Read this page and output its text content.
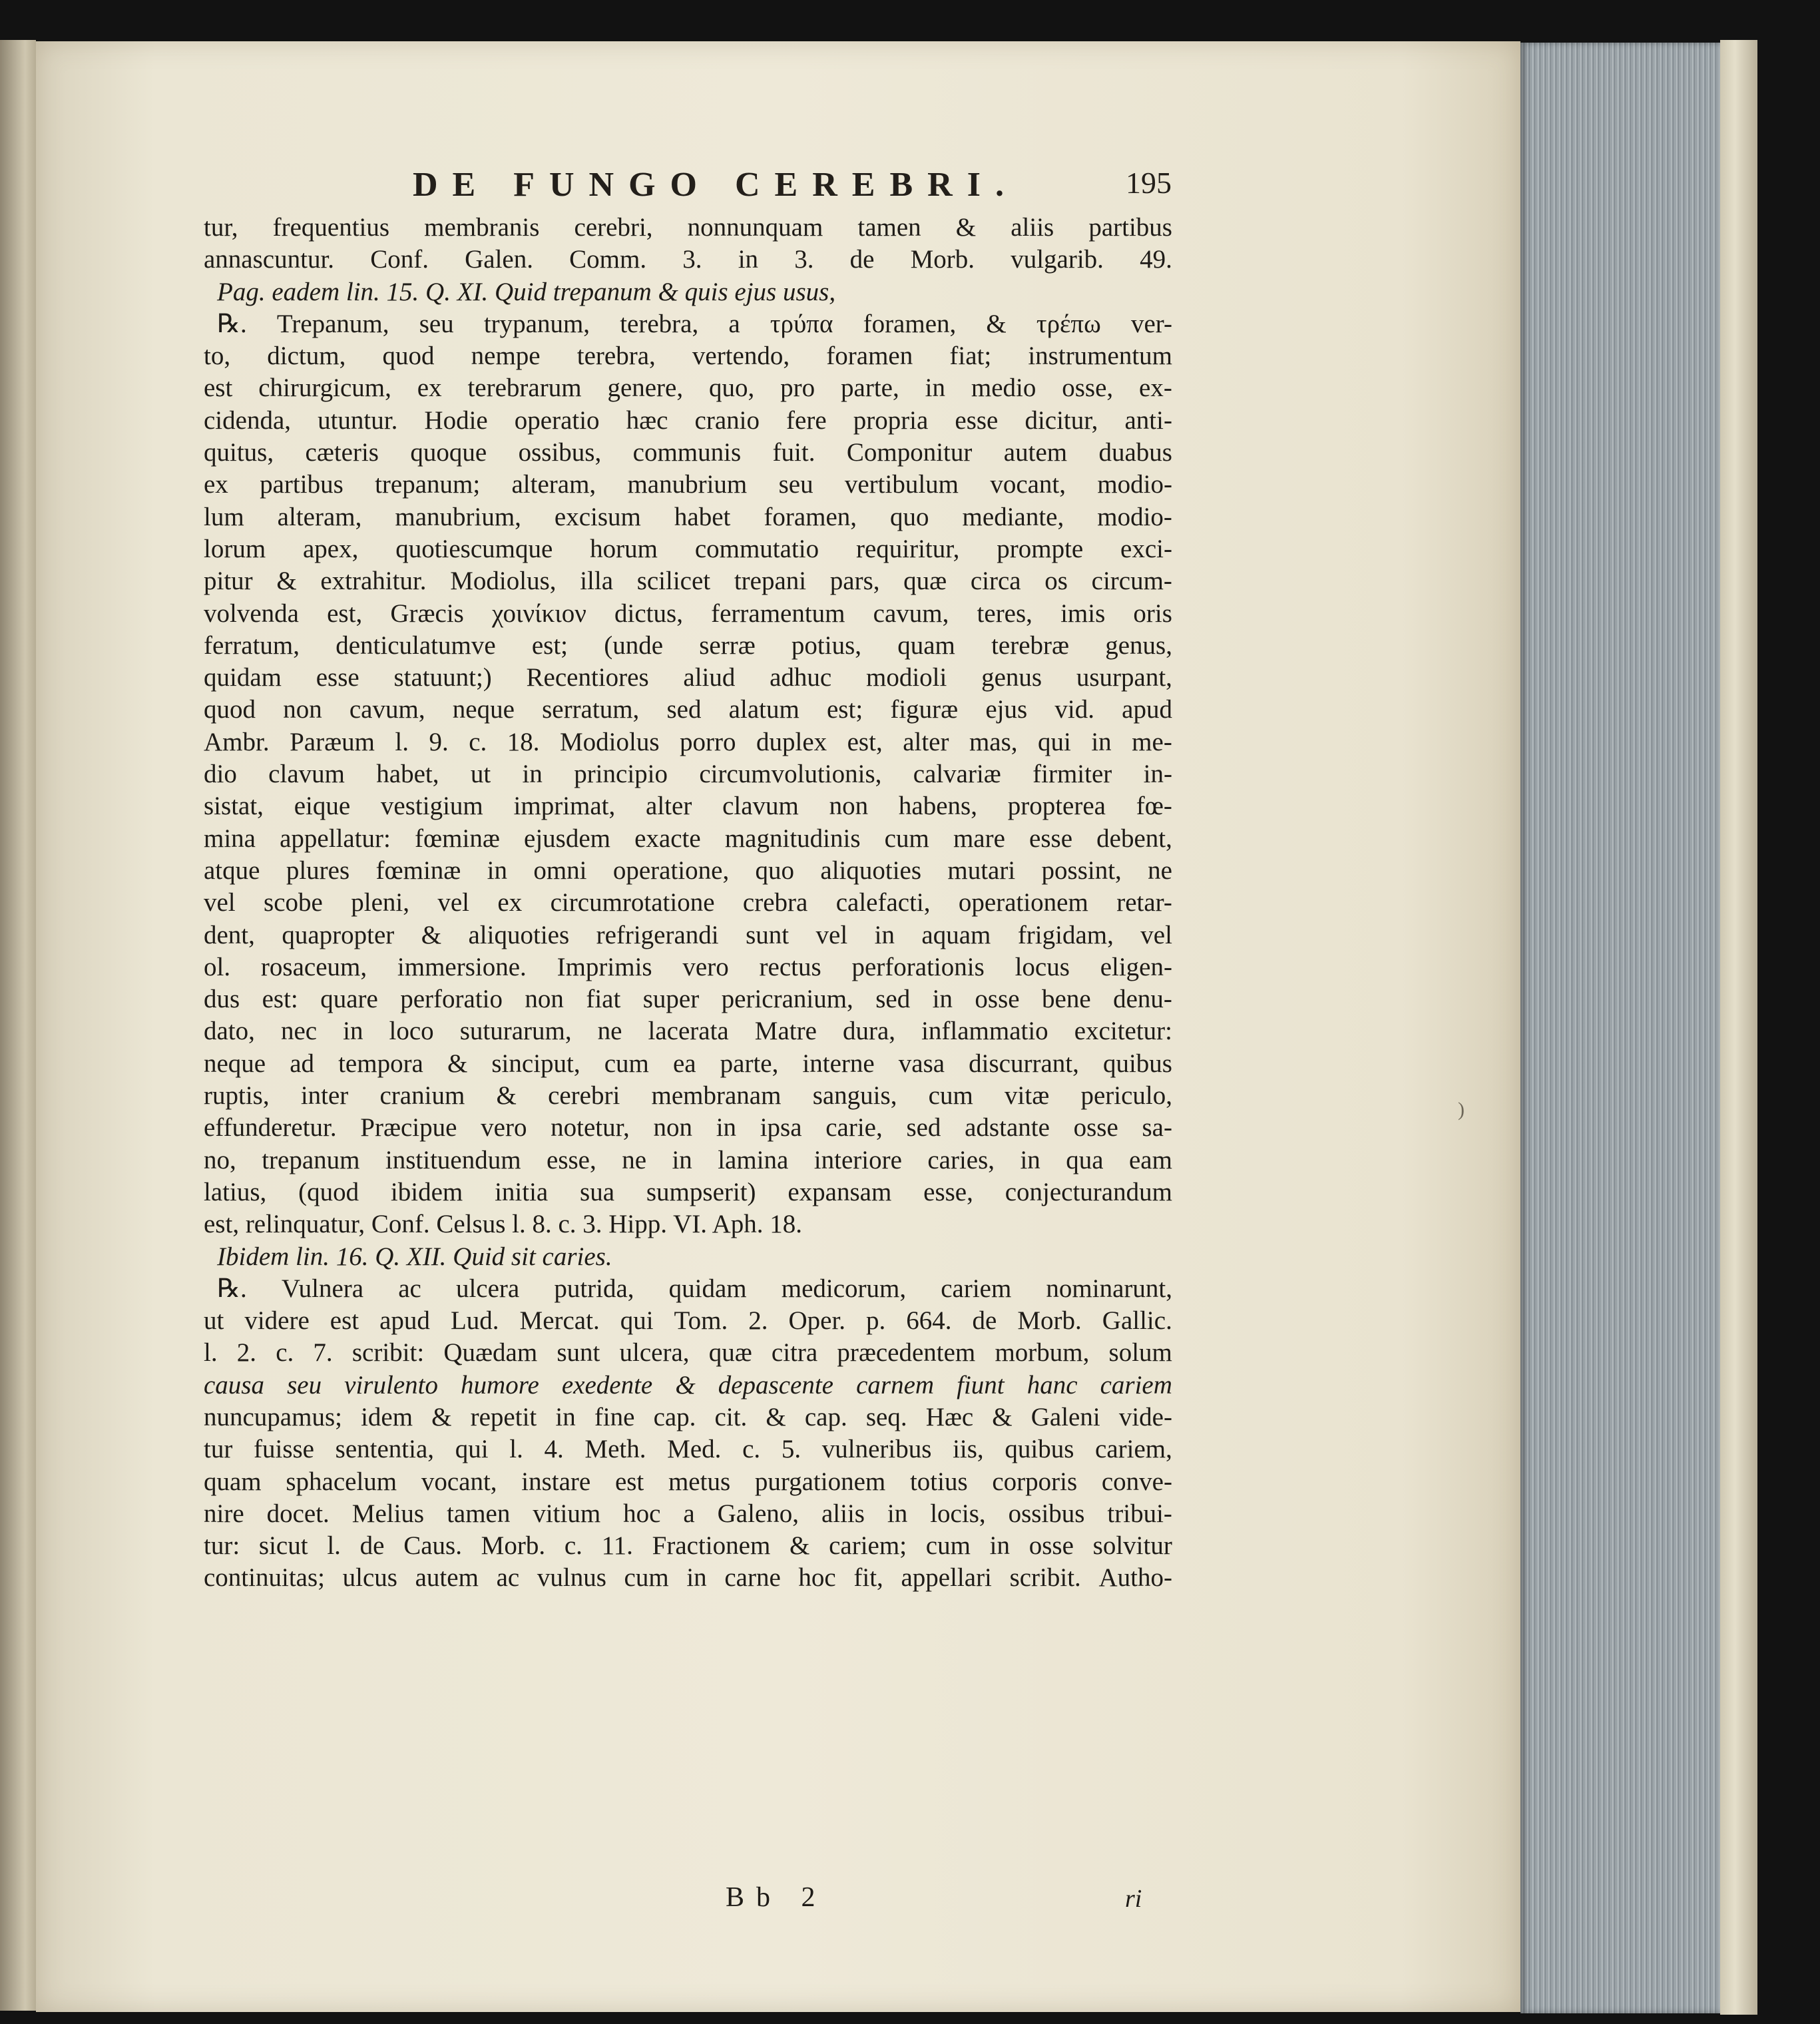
DE FUNGO CEREBRI.	195
tur, frequentius membranis cerebri, nonnunquam tamen & aliis partibus
annascuntur. Conf. Galen. Comm. 3. in 3. de Morb. vulgarib. 49.
Pag. eadem lin. 15. Q. XI. Quid trepanum & quis ejus usus,
℞. Trepanum, seu trypanum, terebra, a τρύπα foramen, & τρέπω ver-
to, dictum, quod nempe terebra, vertendo, foramen fiat; instrumentum
est chirurgicum, ex terebrarum genere, quo, pro parte, in medio osse, ex-
cidenda, utuntur. Hodie operatio hæc cranio fere propria esse dicitur, anti-
quitus, cæteris quoque ossibus, communis fuit. Componitur autem duabus
ex partibus trepanum; alteram, manubrium seu vertibulum vocant, modio-
lum alteram, manubrium, excisum habet foramen, quo mediante, modio-
lorum apex, quotiescumque horum commutatio requiritur, prompte exci-
pitur & extrahitur. Modiolus, illa scilicet trepani pars, quæ circa os circum-
volvenda est, Græcis χοινίκιον dictus, ferramentum cavum, teres, imis oris
ferratum, denticulatumve est; (unde serræ potius, quam terebræ genus,
quidam esse statuunt;) Recentiores aliud adhuc modioli genus usurpant,
quod non cavum, neque serratum, sed alatum est; figuræ ejus vid. apud
Ambr. Paræum l. 9. c. 18. Modiolus porro duplex est, alter mas, qui in me-
dio clavum habet, ut in principio circumvolutionis, calvariæ firmiter in-
sistat, eique vestigium imprimat, alter clavum non habens, propterea fœ-
mina appellatur: fœminæ ejusdem exacte magnitudinis cum mare esse debent,
atque plures fœminæ in omni operatione, quo aliquoties mutari possint, ne
vel scobe pleni, vel ex circumrotatione crebra calefacti, operationem retar-
dent, quapropter & aliquoties refrigerandi sunt vel in aquam frigidam, vel
ol. rosaceum, immersione. Imprimis vero rectus perforationis locus eligen-
dus est: quare perforatio non fiat super pericranium, sed in osse bene denu-
dato, nec in loco suturarum, ne lacerata Matre dura, inflammatio excitetur:
neque ad tempora & sinciput, cum ea parte, interne vasa discurrant, quibus
ruptis, inter cranium & cerebri membranam sanguis, cum vitæ periculo,
effunderetur. Præcipue vero notetur, non in ipsa carie, sed adstante osse sa-
no, trepanum instituendum esse, ne in lamina interiore caries, in qua eam
latius, (quod ibidem initia sua sumpserit) expansam esse, conjecturandum
est, relinquatur, Conf. Celsus l. 8. c. 3. Hipp. VI. Aph. 18.
Ibidem lin. 16. Q. XII. Quid sit caries.
℞. Vulnera ac ulcera putrida, quidam medicorum, cariem nominarunt,
ut videre est apud Lud. Mercat. qui Tom. 2. Oper. p. 664. de Morb. Gallic.
l. 2. c. 7. scribit: Quædam sunt ulcera, quæ citra præcedentem morbum, solum
causa seu virulento humore exedente & depascente carnem fiunt hanc cariem
nuncupamus; idem & repetit in fine cap. cit. & cap. seq. Hæc & Galeni vide-
tur fuisse sententia, qui l. 4. Meth. Med. c. 5. vulneribus iis, quibus cariem,
quam sphacelum vocant, instare est metus purgationem totius corporis conve-
nire docet. Melius tamen vitium hoc a Galeno, aliis in locis, ossibus tribui-
tur: sicut l. de Caus. Morb. c. 11. Fractionem & cariem; cum in osse solvitur
continuitas; ulcus autem ac vulnus cum in carne hoc fit, appellari scribit. Autho-
Bb 2	ri
)
